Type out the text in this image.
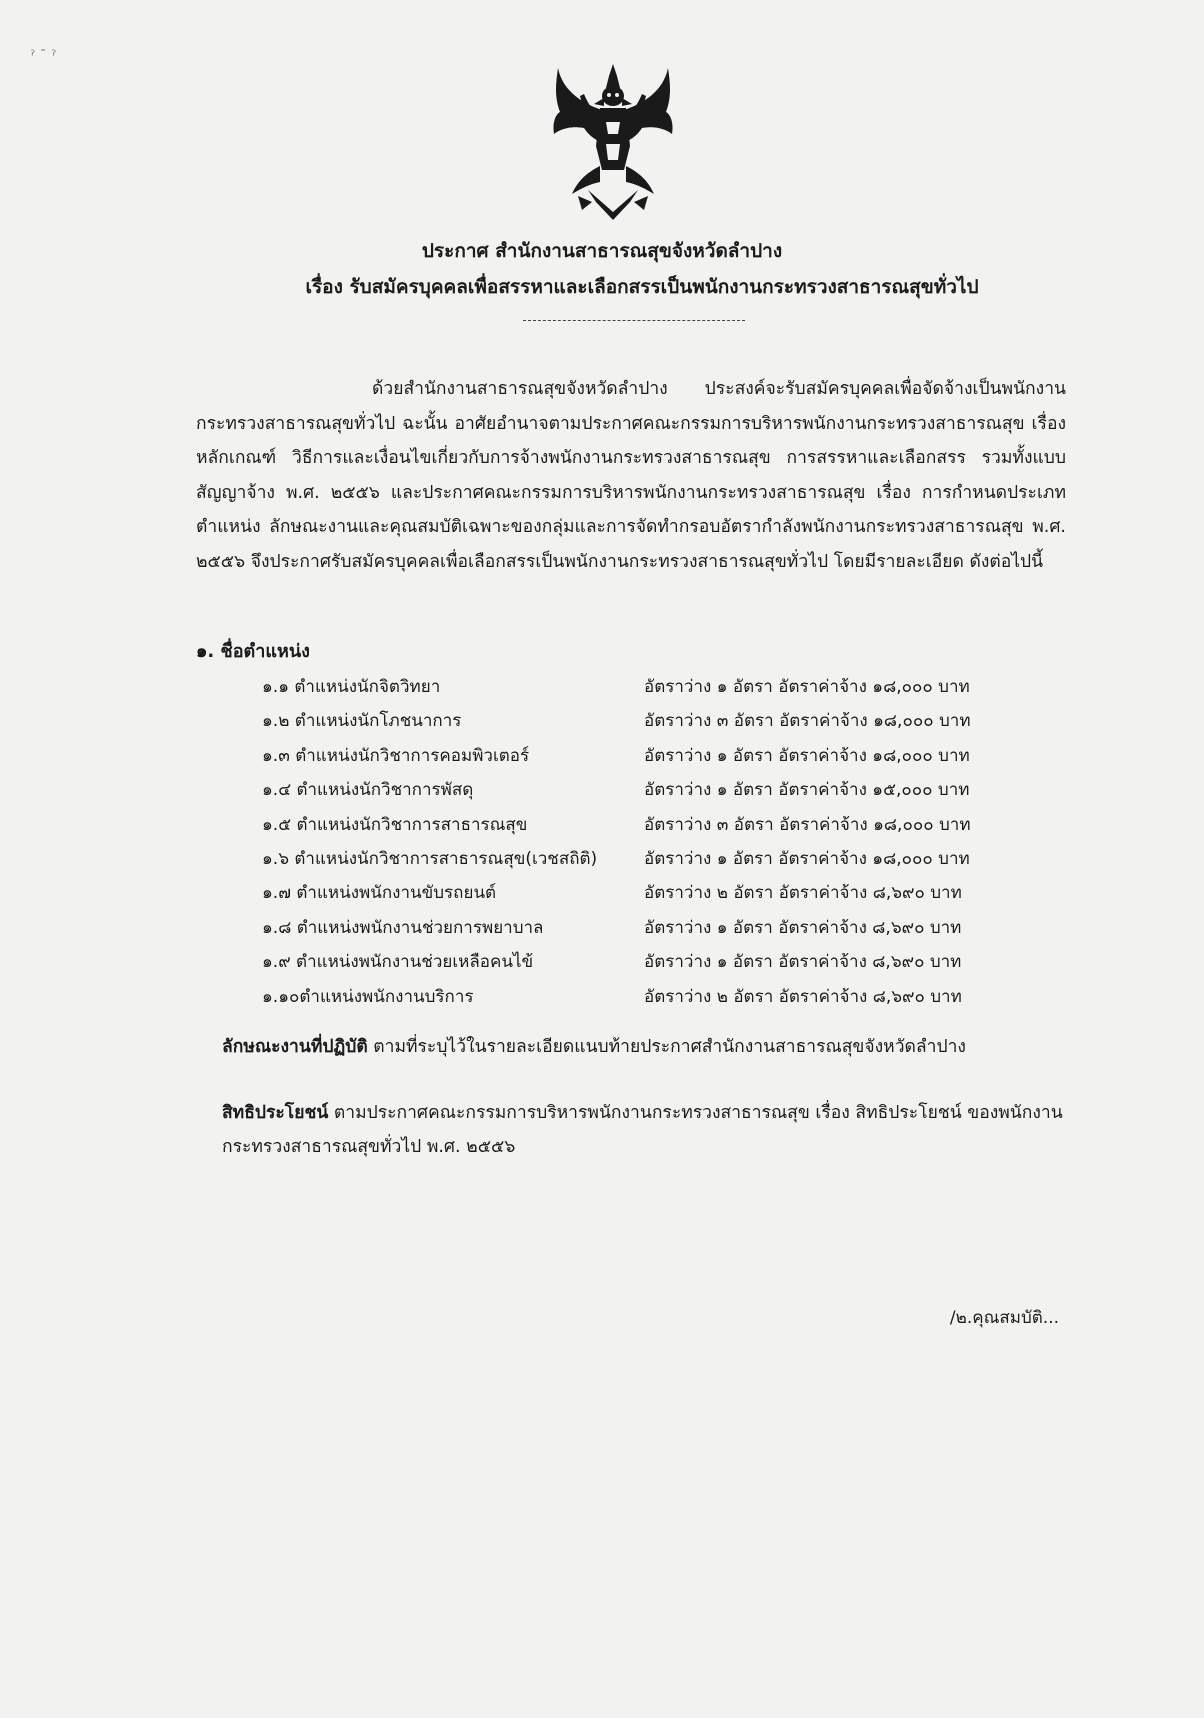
ˀ ˉ ˀ
ประกาศ สำนักงานสาธารณสุขจังหวัดลำปาง
เรื่อง รับสมัครบุคคลเพื่อสรรหาและเลือกสรรเป็นพนักงานกระทรวงสาธารณสุขทั่วไป
ด้วยสำนักงานสาธารณสุขจังหวัดลำปาง ประสงค์จะรับสมัครบุคคลเพื่อจัดจ้างเป็นพนักงานกระทรวงสาธารณสุขทั่วไป ฉะนั้น อาศัยอำนาจตามประกาศคณะกรรมการบริหารพนักงานกระทรวงสาธารณสุข เรื่อง หลักเกณฑ์ วิธีการและเงื่อนไขเกี่ยวกับการจ้างพนักงานกระทรวงสาธารณสุข การสรรหาและเลือกสรร รวมทั้งแบบสัญญาจ้าง พ.ศ. ๒๕๕๖ และประกาศคณะกรรมการบริหารพนักงานกระทรวงสาธารณสุข เรื่อง การกำหนดประเภท ตำแหน่ง ลักษณะงานและคุณสมบัติเฉพาะของกลุ่มและการจัดทำกรอบอัตรากำลังพนักงานกระทรวงสาธารณสุข พ.ศ. ๒๕๕๖ จึงประกาศรับสมัครบุคคลเพื่อเลือกสรรเป็นพนักงานกระทรวงสาธารณสุขทั่วไป โดยมีรายละเอียด ดังต่อไปนี้
๑. ชื่อตำแหน่ง
๑.๑ ตำแหน่งนักจิตวิทยา	อัตราว่าง ๑ อัตรา อัตราค่าจ้าง ๑๘,๐๐๐ บาท
๑.๒ ตำแหน่งนักโภชนาการ	อัตราว่าง ๓ อัตรา อัตราค่าจ้าง ๑๘,๐๐๐ บาท
๑.๓ ตำแหน่งนักวิชาการคอมพิวเตอร์	อัตราว่าง ๑ อัตรา อัตราค่าจ้าง ๑๘,๐๐๐ บาท
๑.๔ ตำแหน่งนักวิชาการพัสดุ	อัตราว่าง ๑ อัตรา อัตราค่าจ้าง ๑๕,๐๐๐ บาท
๑.๕ ตำแหน่งนักวิชาการสาธารณสุข	อัตราว่าง ๓ อัตรา อัตราค่าจ้าง ๑๘,๐๐๐ บาท
๑.๖ ตำแหน่งนักวิชาการสาธารณสุข(เวชสถิติ)	อัตราว่าง ๑ อัตรา อัตราค่าจ้าง ๑๘,๐๐๐ บาท
๑.๗ ตำแหน่งพนักงานขับรถยนต์	อัตราว่าง ๒ อัตรา อัตราค่าจ้าง ๘,๖๙๐ บาท
๑.๘ ตำแหน่งพนักงานช่วยการพยาบาล	อัตราว่าง ๑ อัตรา อัตราค่าจ้าง ๘,๖๙๐ บาท
๑.๙ ตำแหน่งพนักงานช่วยเหลือคนไข้	อัตราว่าง ๑ อัตรา อัตราค่าจ้าง ๘,๖๙๐ บาท
๑.๑๐ตำแหน่งพนักงานบริการ	อัตราว่าง ๒ อัตรา อัตราค่าจ้าง ๘,๖๙๐ บาท
ลักษณะงานที่ปฏิบัติ ตามที่ระบุไว้ในรายละเอียดแนบท้ายประกาศสำนักงานสาธารณสุขจังหวัดลำปาง
สิทธิประโยชน์ ตามประกาศคณะกรรมการบริหารพนักงานกระทรวงสาธารณสุข เรื่อง สิทธิประโยชน์ ของพนักงานกระทรวงสาธารณสุขทั่วไป พ.ศ. ๒๕๕๖
/๒.คุณสมบัติ...
